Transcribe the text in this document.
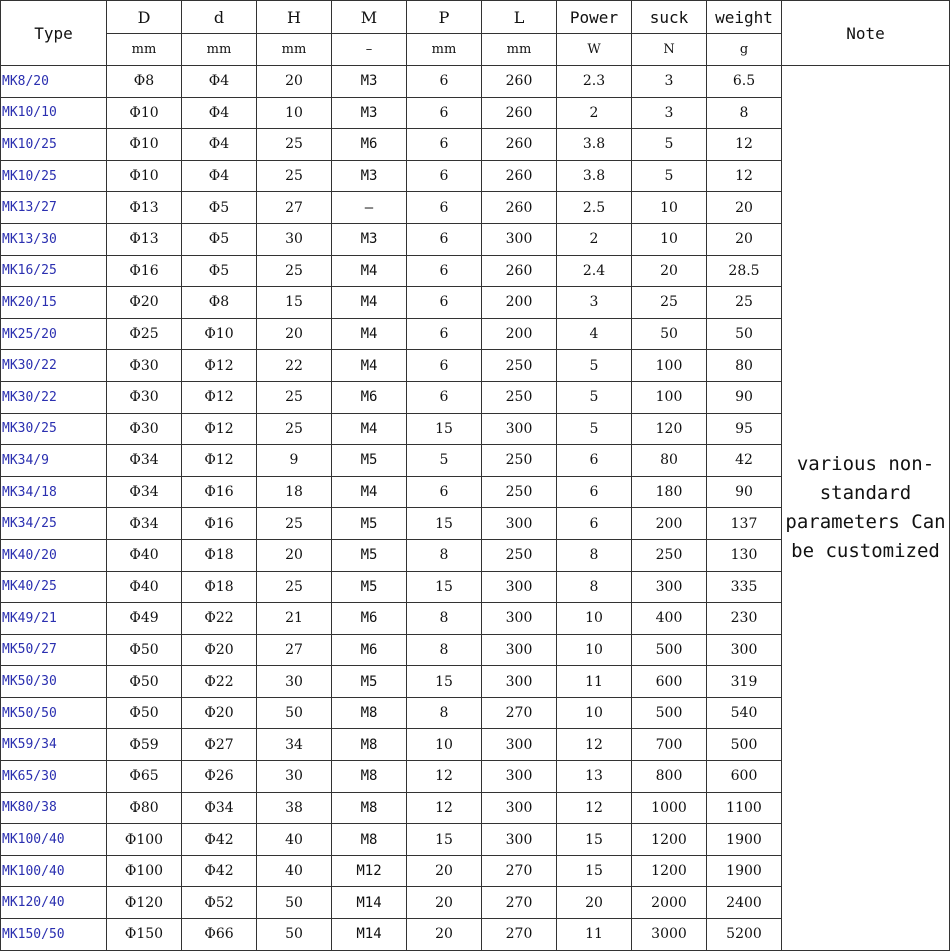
Type	D	d	H	M	P	L	Power	suck	weight	Note
	mm	mm	mm	–	mm	mm	W	N	g	
MK8/20	Φ8	Φ4	20	M3	6	260	2.3	3	6.5	various non-standard parameters Can be customized
MK10/10	Φ10	Φ4	10	M3	6	260	2	3	8	
MK10/25	Φ10	Φ4	25	M6	6	260	3.8	5	12	
MK10/25	Φ10	Φ4	25	M3	6	260	3.8	5	12	
MK13/27	Φ13	Φ5	27	–	6	260	2.5	10	20	
MK13/30	Φ13	Φ5	30	M3	6	300	2	10	20	
MK16/25	Φ16	Φ5	25	M4	6	260	2.4	20	28.5	
MK20/15	Φ20	Φ8	15	M4	6	200	3	25	25	
MK25/20	Φ25	Φ10	20	M4	6	200	4	50	50	
MK30/22	Φ30	Φ12	22	M4	6	250	5	100	80	
MK30/22	Φ30	Φ12	25	M6	6	250	5	100	90	
MK30/25	Φ30	Φ12	25	M4	15	300	5	120	95	
MK34/9	Φ34	Φ12	9	M5	5	250	6	80	42	
MK34/18	Φ34	Φ16	18	M4	6	250	6	180	90	
MK34/25	Φ34	Φ16	25	M5	15	300	6	200	137	
MK40/20	Φ40	Φ18	20	M5	8	250	8	250	130	
MK40/25	Φ40	Φ18	25	M5	15	300	8	300	335	
MK49/21	Φ49	Φ22	21	M6	8	300	10	400	230	
MK50/27	Φ50	Φ20	27	M6	8	300	10	500	300	
MK50/30	Φ50	Φ22	30	M5	15	300	11	600	319	
MK50/50	Φ50	Φ20	50	M8	8	270	10	500	540	
MK59/34	Φ59	Φ27	34	M8	10	300	12	700	500	
MK65/30	Φ65	Φ26	30	M8	12	300	13	800	600	
MK80/38	Φ80	Φ34	38	M8	12	300	12	1000	1100	
MK100/40	Φ100	Φ42	40	M8	15	300	15	1200	1900	
MK100/40	Φ100	Φ42	40	M12	20	270	15	1200	1900	
MK120/40	Φ120	Φ52	50	M14	20	270	20	2000	2400	
MK150/50	Φ150	Φ66	50	M14	20	270	11	3000	5200	
